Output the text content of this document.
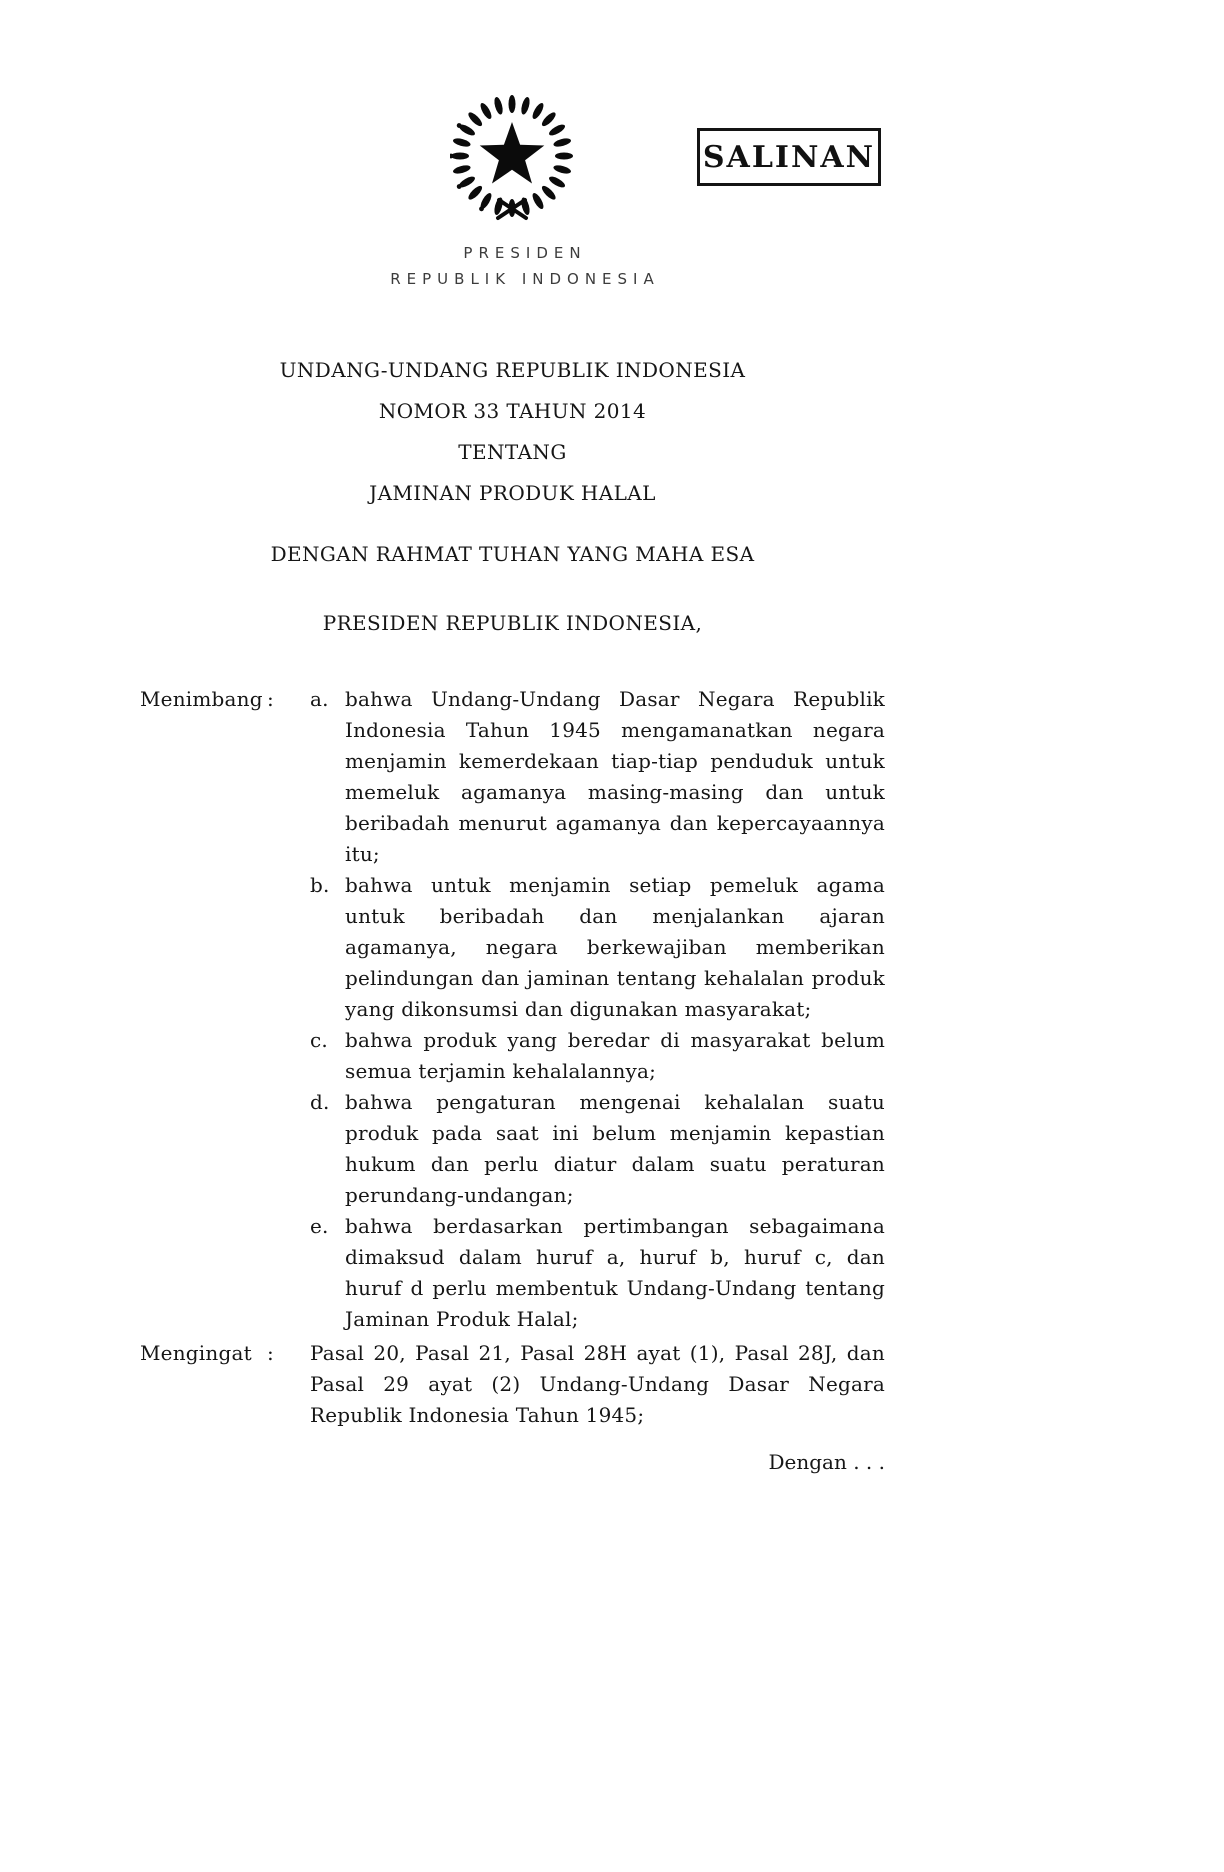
PRESIDEN
REPUBLIK INDONESIA
SALINAN
UNDANG-UNDANG REPUBLIK INDONESIA
NOMOR 33 TAHUN 2014
TENTANG
JAMINAN PRODUK HALAL
DENGAN RAHMAT TUHAN YANG MAHA ESA
PRESIDEN REPUBLIK INDONESIA,
Menimbang : a. bahwa Undang-Undang Dasar Negara Republik Indonesia Tahun 1945 mengamanatkan negara menjamin kemerdekaan tiap-tiap penduduk untuk memeluk agamanya masing-masing dan untuk beribadah menurut agamanya dan kepercayaannya itu;
b. bahwa untuk menjamin setiap pemeluk agama untuk beribadah dan menjalankan ajaran agamanya, negara berkewajiban memberikan pelindungan dan jaminan tentang kehalalan produk yang dikonsumsi dan digunakan masyarakat;
c. bahwa produk yang beredar di masyarakat belum semua terjamin kehalalannya;
d. bahwa pengaturan mengenai kehalalan suatu produk pada saat ini belum menjamin kepastian hukum dan perlu diatur dalam suatu peraturan perundang-undangan;
e. bahwa berdasarkan pertimbangan sebagaimana dimaksud dalam huruf a, huruf b, huruf c, dan huruf d perlu membentuk Undang-Undang tentang Jaminan Produk Halal;
Mengingat : Pasal 20, Pasal 21, Pasal 28H ayat (1), Pasal 28J, dan Pasal 29 ayat (2) Undang-Undang Dasar Negara Republik Indonesia Tahun 1945;
Dengan . . .
